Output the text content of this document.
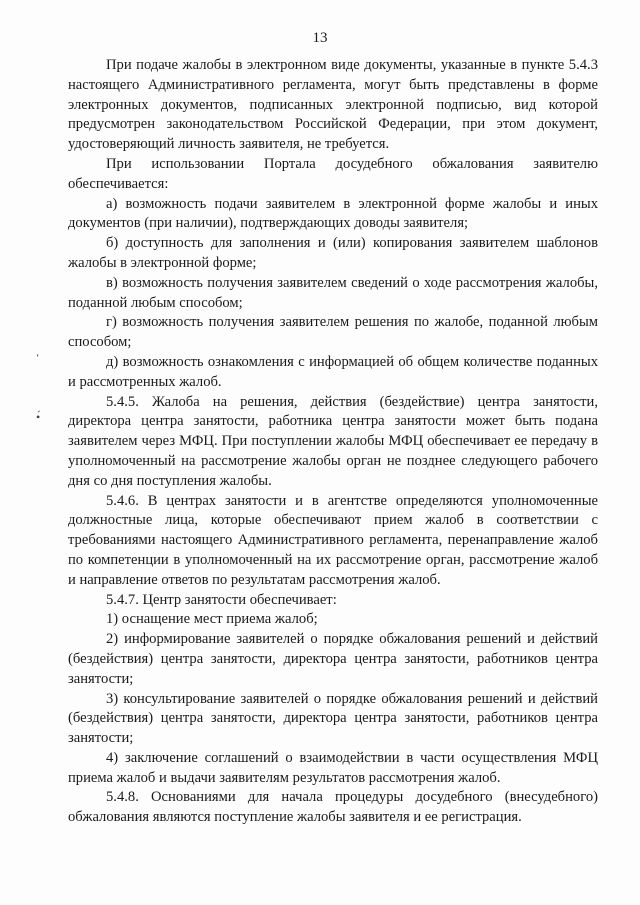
13
ʻ
•́

При подаче жалобы в электронном виде документы, указанные в пункте 5.4.3 настоящего Административного регламента, могут быть представлены в форме электронных документов, подписанных электронной подписью, вид которой предусмотрен законодательством Российской Федерации, при этом документ, удостоверяющий личность заявителя, не требуется.

При использовании Портала досудебного обжалования заявителю обеспечивается:

а) возможность подачи заявителем в электронной форме жалобы и иных документов (при наличии), подтверждающих доводы заявителя;

б) доступность для заполнения и (или) копирования заявителем шаблонов жалобы в электронной форме;

в) возможность получения заявителем сведений о ходе рассмотрения жалобы, поданной любым способом;

г) возможность получения заявителем решения по жалобе, поданной любым способом;

д) возможность ознакомления с информацией об общем количестве поданных и рассмотренных жалоб.

5.4.5. Жалоба на решения, действия (бездействие) центра занятости, директора центра занятости, работника центра занятости может быть подана заявителем через МФЦ. При поступлении жалобы МФЦ обеспечивает ее передачу в уполномоченный на рассмотрение жалобы орган не позднее следующего рабочего дня со дня поступления жалобы.

5.4.6. В центрах занятости и в агентстве определяются уполномоченные должностные лица, которые обеспечивают прием жалоб в соответствии с требованиями настоящего Административного регламента, перенаправление жалоб по компетенции в уполномоченный на их рассмотрение орган, рассмотрение жалоб и направление ответов по результатам рассмотрения жалоб.

5.4.7. Центр занятости обеспечивает:

1) оснащение мест приема жалоб;

2) информирование заявителей о порядке обжалования решений и действий (бездействия) центра занятости, директора центра занятости, работников центра занятости;

3) консультирование заявителей о порядке обжалования решений и действий (бездействия) центра занятости, директора центра занятости, работников центра занятости;

4) заключение соглашений о взаимодействии в части осуществления МФЦ приема жалоб и выдачи заявителям результатов рассмотрения жалоб.

5.4.8. Основаниями для начала процедуры досудебного (внесудебного) обжалования являются поступление жалобы заявителя и ее регистрация.
